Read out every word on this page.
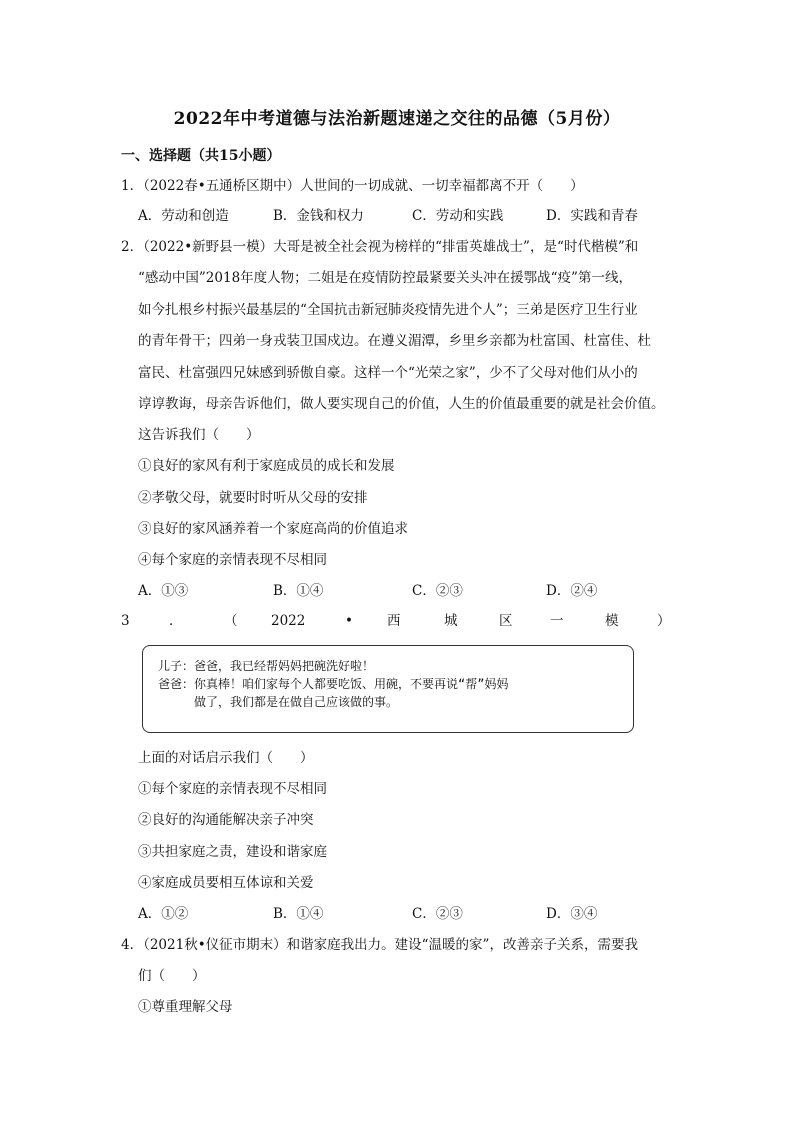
2022年中考道德与法治新题速递之交往的品德（5月份）
一、选择题（共15小题）
1．（2022春•五通桥区期中）人世间的一切成就、一切幸福都离不开（　　）
A．劳动和创造	B．金钱和权力	C．劳动和实践	D．实践和青春
2．（2022•新野县一模）大哥是被全社会视为榜样的“排雷英雄战士”，是“时代楷模”和
“感动中国”2018年度人物；二姐是在疫情防控最紧要关头冲在援鄂战“疫”第一线，
如今扎根乡村振兴最基层的“全国抗击新冠肺炎疫情先进个人”；三弟是医疗卫生行业
的青年骨干；四弟一身戎装卫国戍边。在遵义湄潭，乡里乡亲都为杜富国、杜富佳、杜
富民、杜富强四兄妹感到骄傲自豪。这样一个“光荣之家”，少不了父母对他们从小的
谆谆教诲，母亲告诉他们，做人要实现自己的价值，人生的价值最重要的就是社会价值。
这告诉我们（　　）
①良好的家风有利于家庭成员的成长和发展
②孝敬父母，就要时时听从父母的安排
③良好的家风涵养着一个家庭高尚的价值追求
④每个家庭的亲情表现不尽相同
A．①③	B．①④	C．②③	D．②④
3	．	（ 2022	•	西	城	区	一	模	）
儿子：爸爸，我已经帮妈妈把碗洗好啦！
爸爸：你真棒！咱们家每个人都要吃饭、用碗，不要再说“帮”妈妈
做了，我们都是在做自己应该做的事。
上面的对话启示我们（　　）
①每个家庭的亲情表现不尽相同
②良好的沟通能解决亲子冲突
③共担家庭之责，建设和谐家庭
④家庭成员要相互体谅和关爱
A．①②	B．①④	C．②③	D．③④
4．（2021秋•仪征市期末）和谐家庭我出力。建设“温暖的家”，改善亲子关系，需要我
们（　　）
①尊重理解父母
